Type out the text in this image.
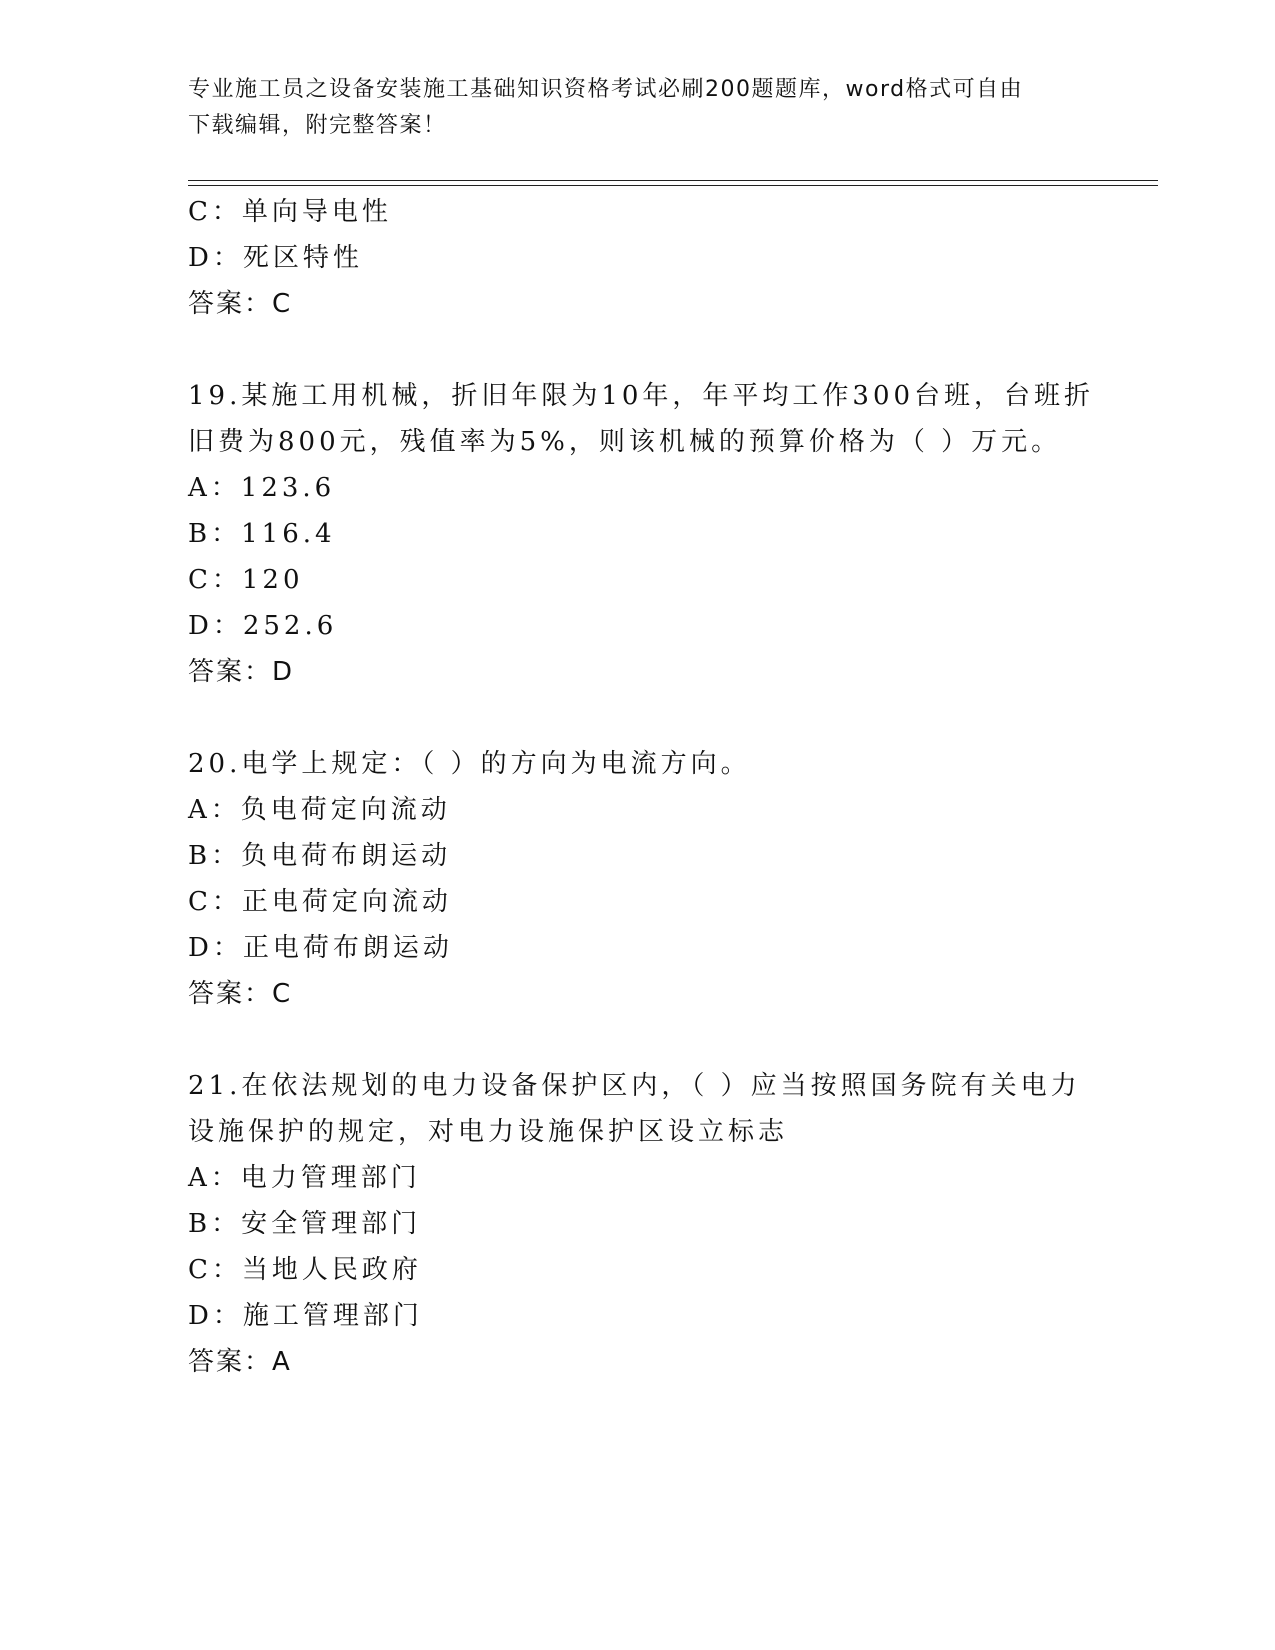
专业施工员之设备安装施工基础知识资格考试必刷200题题库，word格式可自由
下载编辑，附完整答案！
C：单向导电性
D：死区特性
答案：C
19.某施工用机械，折旧年限为10年，年平均工作300台班，台班折
旧费为800元，残值率为5%，则该机械的预算价格为（ ）万元。
A：123.6
B：116.4
C：120
D：252.6
答案：D
20.电学上规定：（ ）的方向为电流方向。
A：负电荷定向流动
B：负电荷布朗运动
C：正电荷定向流动
D：正电荷布朗运动
答案：C
21.在依法规划的电力设备保护区内，（ ）应当按照国务院有关电力
设施保护的规定，对电力设施保护区设立标志
A：电力管理部门
B：安全管理部门
C：当地人民政府
D：施工管理部门
答案：A
